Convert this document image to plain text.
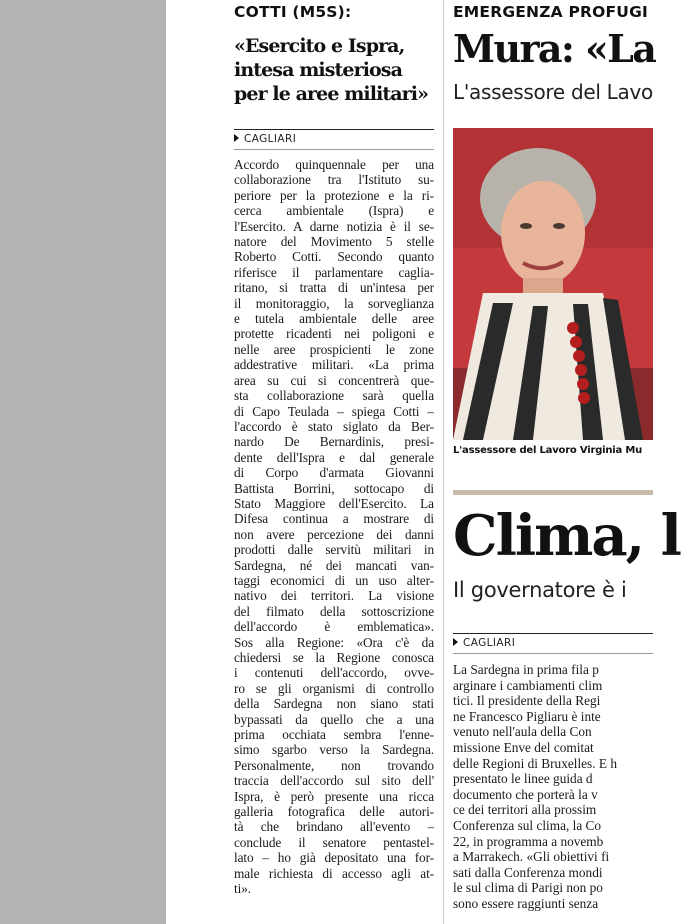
COTTI (M5S):
«Esercito e Ispra,
intesa misteriosa
per le aree militari»
CAGLIARI
Accordo quinquennale per una
collaborazione tra l'Istituto su-
periore per la protezione e la ri-
cerca ambientale (Ispra) e
l'Esercito. A darne notizia è il se-
natore del Movimento 5 stelle
Roberto Cotti. Secondo quanto
riferisce il parlamentare caglia-
ritano, si tratta di un'intesa per
il monitoraggio, la sorveglianza
e tutela ambientale delle aree
protette ricadenti nei poligoni e
nelle aree prospicienti le zone
addestrative militari. «La prima
area su cui si concentrerà que-
sta collaborazione sarà quella
di Capo Teulada – spiega Cotti –
l'accordo è stato siglato da Ber-
nardo De Bernardinis, presi-
dente dell'Ispra e dal generale
di Corpo d'armata Giovanni
Battista Borrini, sottocapo di
Stato Maggiore dell'Esercito. La
Difesa continua a mostrare di
non avere percezione dei danni
prodotti dalle servitù militari in
Sardegna, né dei mancati van-
taggi economici di un uso alter-
nativo dei territori. La visione
del filmato della sottoscrizione
dell'accordo è emblematica».
Sos alla Regione: «Ora c'è da
chiedersi se la Regione conosca
i contenuti dell'accordo, ovve-
ro se gli organismi di controllo
della Sardegna non siano stati
bypassati da quello che a una
prima occhiata sembra l'enne-
simo sgarbo verso la Sardegna.
Personalmente, non trovando
traccia dell'accordo sul sito dell'
Ispra, è però presente una ricca
galleria fotografica delle autori-
tà che brindano all'evento –
conclude il senatore pentastel-
lato – ho già depositato una for-
male richiesta di accesso agli at-
ti».
EMERGENZA PROFUGI
Mura: «La
L'assessore del Lavo
L'assessore del Lavoro Virginia Mu
Clima, l
Il governatore è i
CAGLIARI
La Sardegna in prima fila p
arginare i cambiamenti clim
tici. Il presidente della Regi
ne Francesco Pigliaru è inte
venuto nell'aula della Con
missione Enve del comitat
delle Regioni di Bruxelles. E h
presentato le linee guida d
documento che porterà la v
ce dei territori alla prossim
Conferenza sul clima, la Co
22, in programma a novemb
a Marrakech. «Gli obiettivi fi
sati dalla Conferenza mondi
le sul clima di Parigi non po
sono essere raggiunti senza
